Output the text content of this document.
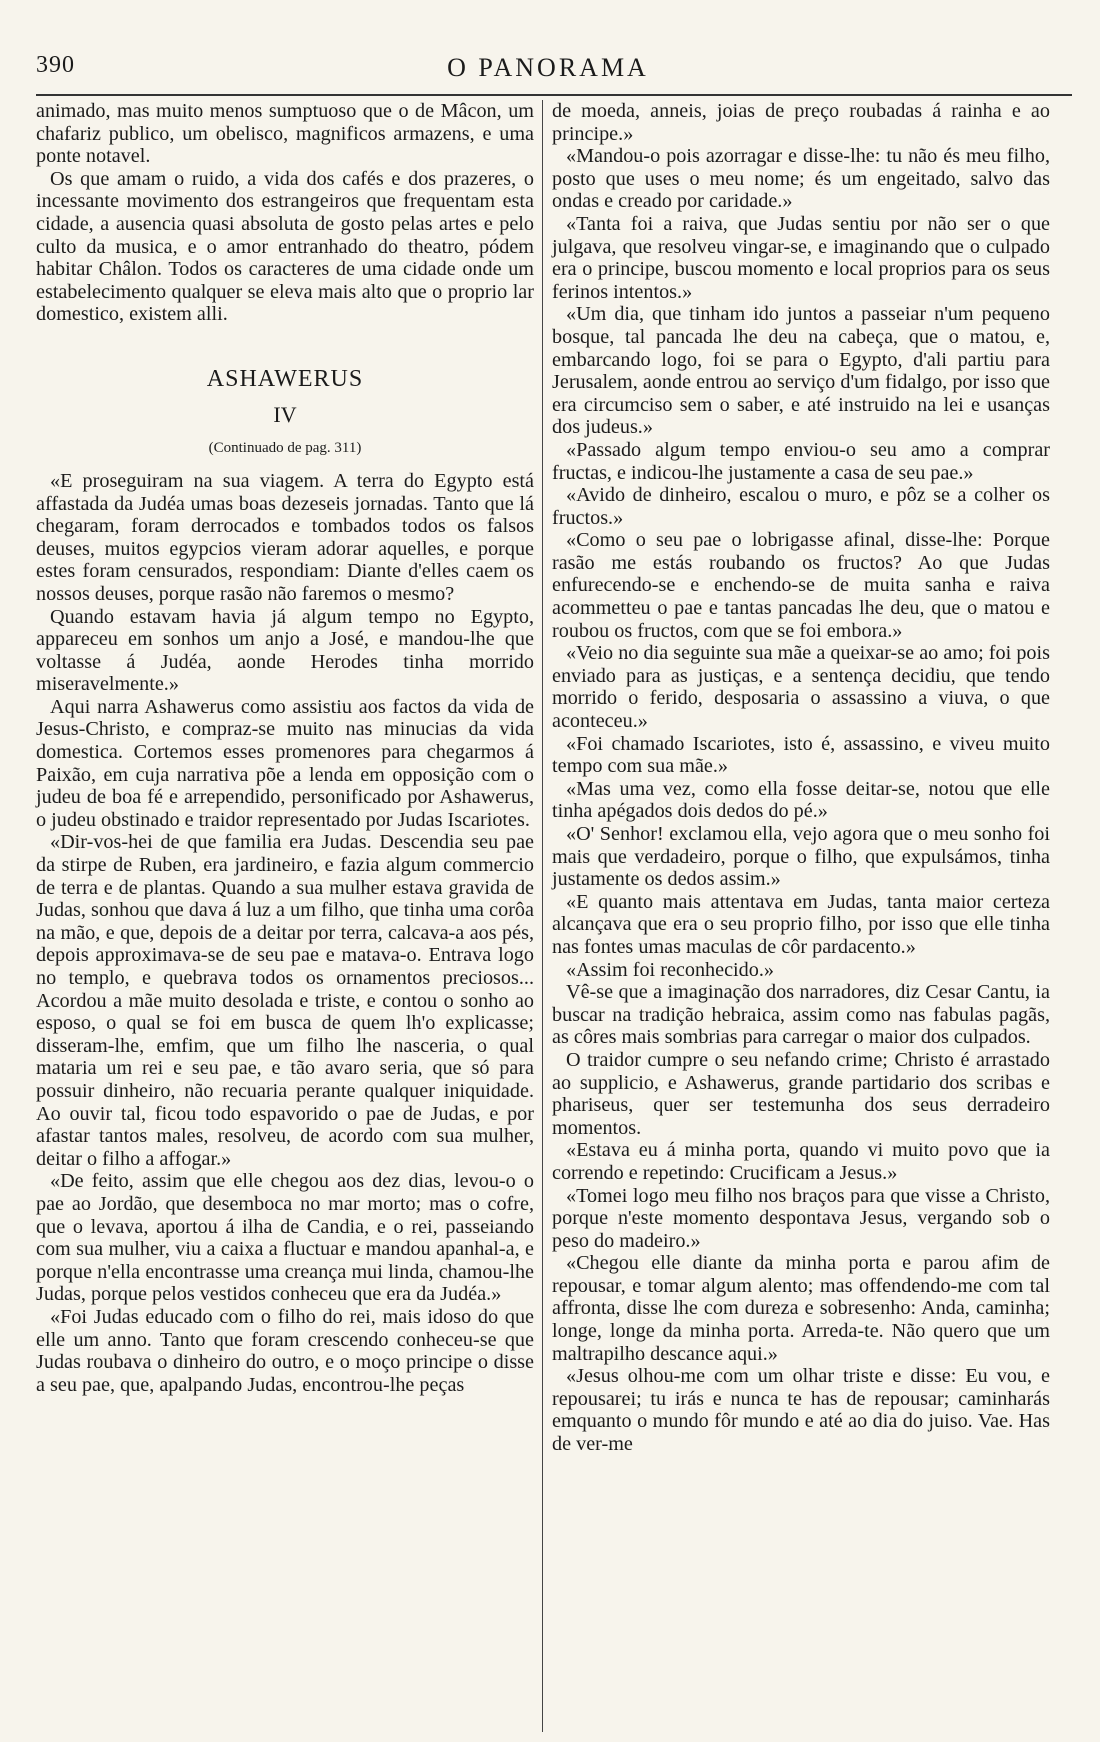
390	O PANORAMA

animado, mas muito menos sumptuoso que o de Mâcon, um chafariz publico, um obelisco, magnificos armazens, e uma ponte notavel.

Os que amam o ruido, a vida dos cafés e dos prazeres, o incessante movimento dos estrangeiros que frequentam esta cidade, a ausencia quasi absoluta de gosto pelas artes e pelo culto da musica, e o amor entranhado do theatro, pódem habitar Châlon. Todos os caracteres de uma cidade onde um estabelecimento qualquer se eleva mais alto que o proprio lar domestico, existem alli.

ASHAWERUS

IV

(Continuado de pag. 311)

«E proseguiram na sua viagem. A terra do Egypto está affastada da Judéa umas boas dezeseis jornadas. Tanto que lá chegaram, foram derrocados e tombados todos os falsos deuses, muitos egypcios vieram adorar aquelles, e porque estes foram censurados, respondiam: Diante d'elles caem os nossos deuses, porque rasão não faremos o mesmo?

Quando estavam havia já algum tempo no Egypto, appareceu em sonhos um anjo a José, e mandou-lhe que voltasse á Judéa, aonde Herodes tinha morrido miseravelmente.»

Aqui narra Ashawerus como assistiu aos factos da vida de Jesus-Christo, e compraz-se muito nas minucias da vida domestica. Cortemos esses promenores para chegarmos á Paixão, em cuja narrativa põe a lenda em opposição com o judeu de boa fé e arrependido, personificado por Ashawerus, o judeu obstinado e traidor representado por Judas Iscariotes.

«Dir-vos-hei de que familia era Judas. Descendia seu pae da stirpe de Ruben, era jardineiro, e fazia algum commercio de terra e de plantas. Quando a sua mulher estava gravida de Judas, sonhou que dava á luz a um filho, que tinha uma corôa na mão, e que, depois de a deitar por terra, calcava-a aos pés, depois approximava-se de seu pae e matava-o. Entrava logo no templo, e quebrava todos os ornamentos preciosos... Acordou a mãe muito desolada e triste, e contou o sonho ao esposo, o qual se foi em busca de quem lh'o explicasse; disseram-lhe, emfim, que um filho lhe nasceria, o qual mataria um rei e seu pae, e tão avaro seria, que só para possuir dinheiro, não recuaria perante qualquer iniquidade. Ao ouvir tal, ficou todo espavorido o pae de Judas, e por afastar tantos males, resolveu, de acordo com sua mulher, deitar o filho a affogar.»

«De feito, assim que elle chegou aos dez dias, levou-o o pae ao Jordão, que desemboca no mar morto; mas o cofre, que o levava, aportou á ilha de Candia, e o rei, passeiando com sua mulher, viu a caixa a fluctuar e mandou apanhal-a, e porque n'ella encontrasse uma creança mui linda, chamou-lhe Judas, porque pelos vestidos conheceu que era da Judéa.»

«Foi Judas educado com o filho do rei, mais idoso do que elle um anno. Tanto que foram crescendo conheceu-se que Judas roubava o dinheiro do outro, e o moço principe o disse a seu pae, que, apalpando Judas, encontrou-lhe peças

de moeda, anneis, joias de preço roubadas á rainha e ao principe.»

«Mandou-o pois azorragar e disse-lhe: tu não és meu filho, posto que uses o meu nome; és um engeitado, salvo das ondas e creado por caridade.»

«Tanta foi a raiva, que Judas sentiu por não ser o que julgava, que resolveu vingar-se, e imaginando que o culpado era o principe, buscou momento e local proprios para os seus ferinos intentos.»

«Um dia, que tinham ido juntos a passeiar n'um pequeno bosque, tal pancada lhe deu na cabeça, que o matou, e, embarcando logo, foi se para o Egypto, d'ali partiu para Jerusalem, aonde entrou ao serviço d'um fidalgo, por isso que era circumciso sem o saber, e até instruido na lei e usanças dos judeus.»

«Passado algum tempo enviou-o seu amo a comprar fructas, e indicou-lhe justamente a casa de seu pae.»

«Avido de dinheiro, escalou o muro, e pôz se a colher os fructos.»

«Como o seu pae o lobrigasse afinal, disse-lhe: Porque rasão me estás roubando os fructos? Ao que Judas enfurecendo-se e enchendo-se de muita sanha e raiva acommetteu o pae e tantas pancadas lhe deu, que o matou e roubou os fructos, com que se foi embora.»

«Veio no dia seguinte sua mãe a queixar-se ao amo; foi pois enviado para as justiças, e a sentença decidiu, que tendo morrido o ferido, desposaria o assassino a viuva, o que aconteceu.»

«Foi chamado Iscariotes, isto é, assassino, e viveu muito tempo com sua mãe.»

«Mas uma vez, como ella fosse deitar-se, notou que elle tinha apégados dois dedos do pé.»

«O' Senhor! exclamou ella, vejo agora que o meu sonho foi mais que verdadeiro, porque o filho, que expulsámos, tinha justamente os dedos assim.»

«E quanto mais attentava em Judas, tanta maior certeza alcançava que era o seu proprio filho, por isso que elle tinha nas fontes umas maculas de côr pardacento.»

«Assim foi reconhecido.»

Vê-se que a imaginação dos narradores, diz Cesar Cantu, ia buscar na tradição hebraica, assim como nas fabulas pagãs, as côres mais sombrias para carregar o maior dos culpados.

O traidor cumpre o seu nefando crime; Christo é arrastado ao supplicio, e Ashawerus, grande partidario dos scribas e phariseus, quer ser testemunha dos seus derradeiro momentos.

«Estava eu á minha porta, quando vi muito povo que ia correndo e repetindo: Crucificam a Jesus.»

«Tomei logo meu filho nos braços para que visse a Christo, porque n'este momento despontava Jesus, vergando sob o peso do madeiro.»

«Chegou elle diante da minha porta e parou afim de repousar, e tomar algum alento; mas offendendo-me com tal affronta, disse lhe com dureza e sobresenho: Anda, caminha; longe, longe da minha porta. Arreda-te. Não quero que um maltrapilho descance aqui.»

«Jesus olhou-me com um olhar triste e disse: Eu vou, e repousarei; tu irás e nunca te has de repousar; caminharás emquanto o mundo fôr mundo e até ao dia do juiso. Vae. Has de ver-me
